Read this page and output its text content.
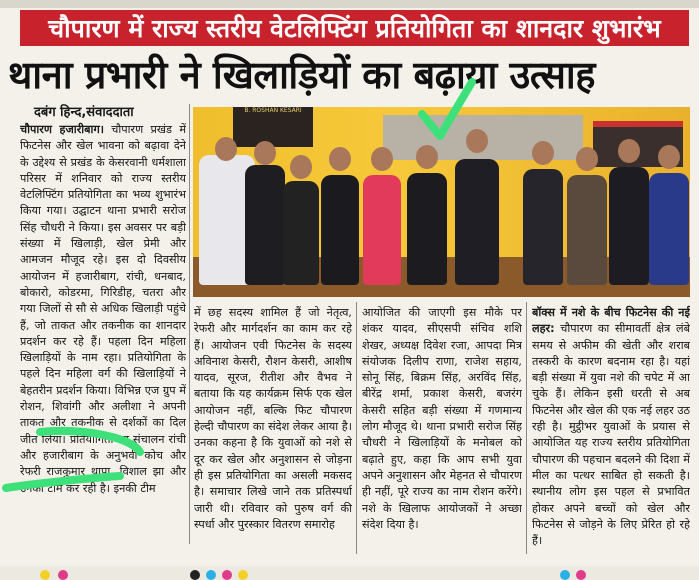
चौपारण में राज्य स्तरीय वेटलिफ्टिंग प्रतियोगिता का शानदार शुभारंभ
थाना प्रभारी ने खिलाड़ियों का बढ़ाया उत्साह
दबंग हिन्द,संवाददाता
चौपारण हजारीबाग। चौपारण प्रखंड में फिटनेस और खेल भावना को बढ़ावा देने के उद्देश्य से प्रखंड के केसरवानी धर्मशाला परिसर में शनिवार को राज्य स्तरीय वेटलिफ्टिंग प्रतियोगिता का भव्य शुभारंभ किया गया। उद्घाटन थाना प्रभारी सरोज सिंह चौधरी ने किया। इस अवसर पर बड़ी संख्या में खिलाड़ी, खेल प्रेमी और आमजन मौजूद रहे। इस दो दिवसीय आयोजन में हजारीबाग, रांची, धनबाद, बोकारो, कोडरमा, गिरिडीह, चतरा और गया जिलों से सौ से अधिक खिलाड़ी पहुंचे हैं, जो ताकत और तकनीक का शानदार प्रदर्शन कर रहे हैं। पहला दिन महिला खिलाड़ियों के नाम रहा। प्रतियोगिता के पहले दिन महिला वर्ग की खिलाड़ियों ने बेहतरीन प्रदर्शन किया। विभिन्न एज ग्रुप में रोशन, शिवांगी और अलीशा ने अपनी ताकत और तकनीक से दर्शकों का दिल जीत लिया। प्रतियोगिता का संचालन रांची और हजारीबाग के अनुभवी कोच और रेफरी राजकुमार थापा, विशाल झा और उनकी टीम कर रही है। इनकी टीम
B. ROSHAN KESARI
में छह सदस्य शामिल हैं जो नेतृत्व, रेफरी और मार्गदर्शन का काम कर रहे हैं। आयोजन एवी फिटनेस के सदस्य अविनाश केसरी, रौशन केसरी, आशीष यादव, सूरज, रीतीश और वैभव ने बताया कि यह कार्यक्रम सिर्फ एक खेल आयोजन नहीं, बल्कि फिट चौपारण हेल्दी चौपारण का संदेश लेकर आया है। उनका कहना है कि युवाओं को नशे से दूर कर खेल और अनुशासन से जोड़ना ही इस प्रतियोगिता का असली मकसद है। समाचार लिखे जाने तक प्रतिस्पर्धा जारी थी। रविवार को पुरुष वर्ग की स्पर्धा और पुरस्कार वितरण समारोह
आयोजित की जाएगी इस मौके पर शंकर यादव, सीएसपी संचिव शशि शेखर, अध्यक्ष दिवेश रजा, आपदा मित्र संयोजक दिलीप राणा, राजेश सहाय, सोनू सिंह, बिक्रम सिंह, अरविंद सिंह, बीरेंद्र शर्मा, प्रकाश केसरी, बजरंग केसरी सहित बड़ी संख्या में गणमान्य लोग मौजूद थे। थाना प्रभारी सरोज सिंह चौधरी ने खिलाड़ियों के मनोबल को बढ़ाते हुए, कहा कि आप सभी युवा अपने अनुशासन और मेहनत से चौपारण ही नहीं, पूरे राज्य का नाम रोशन करेंगे। नशे के खिलाफ आयोजकों ने अच्छा संदेश दिया है।
बॉक्स में नशे के बीच फिटनेस की नई लहर: चौपारण का सीमावर्ती क्षेत्र लंबे समय से अफीम की खेती और शराब तस्करी के कारण बदनाम रहा है। यहां बड़ी संख्या में युवा नशे की चपेट में आ चुके हैं। लेकिन इसी धरती से अब फिटनेस और खेल की एक नई लहर उठ रही है। मुट्ठीभर युवाओं के प्रयास से आयोजित यह राज्य स्तरीय प्रतियोगिता चौपारण की पहचान बदलने की दिशा में मील का पत्थर साबित हो सकती है। स्थानीय लोग इस पहल से प्रभावित होकर अपने बच्चों को खेल और फिटनेस से जोड़ने के लिए प्रेरित हो रहे हैं।
